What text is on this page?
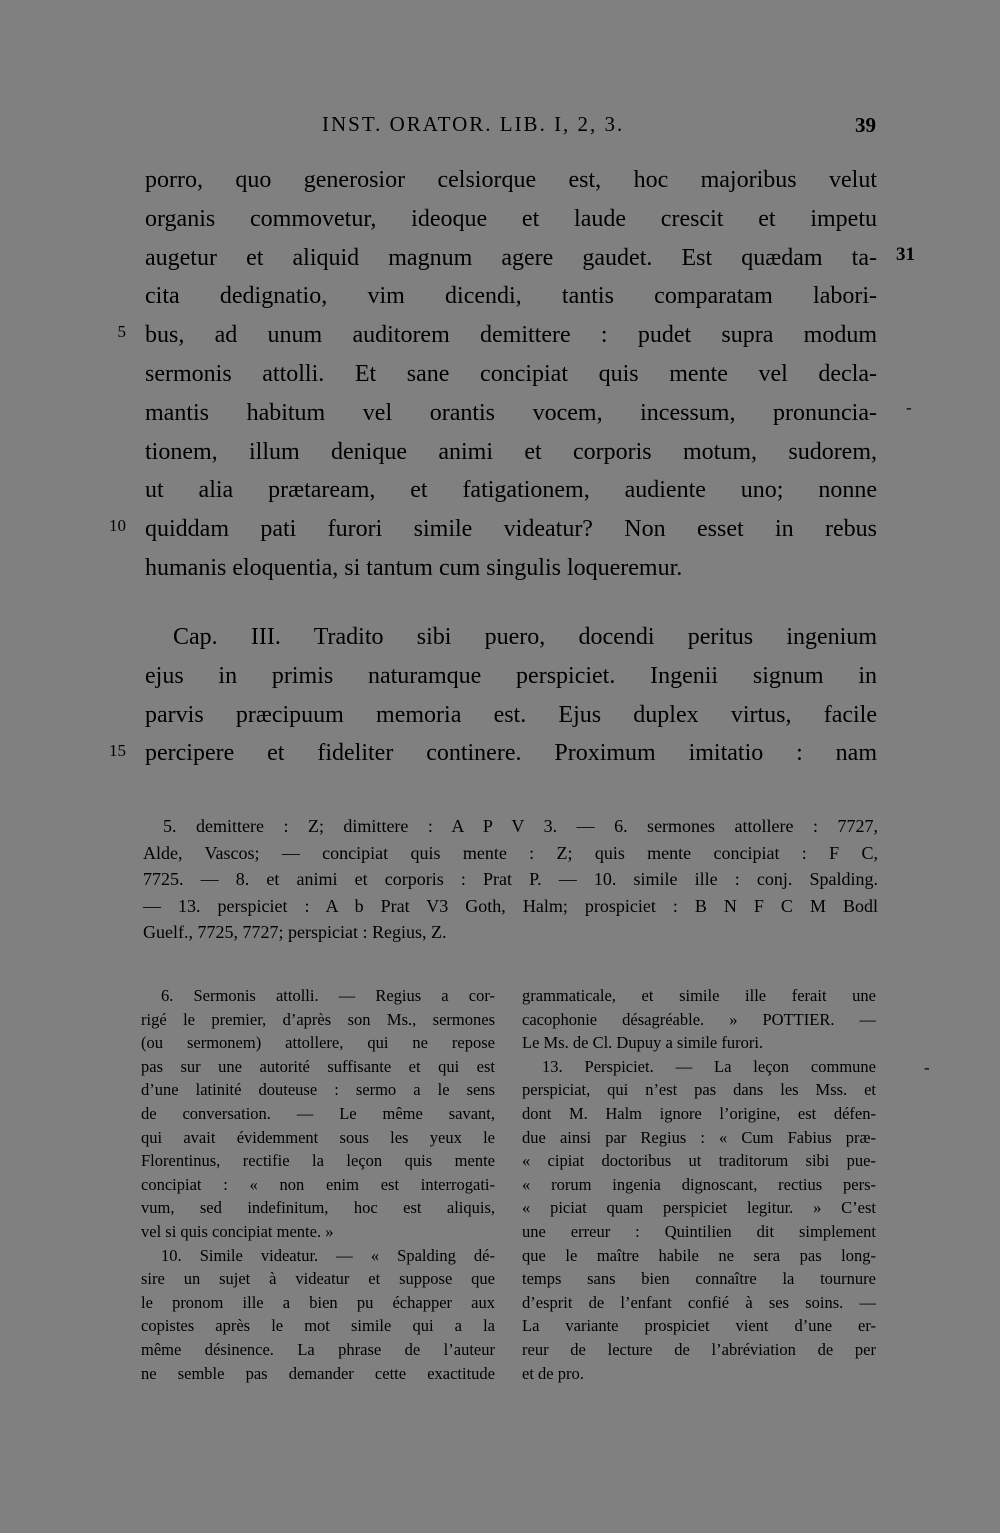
INST. ORATOR. LIB. I, 2, 3.	39
porro, quo generosior celsiorque est, hoc majoribus velut
organis commovetur, ideoque et laude crescit et impetu
augetur et aliquid magnum agere gaudet. Est quædam ta-
cita dedignatio, vim dicendi, tantis comparatam labori-
bus, ad unum auditorem demittere : pudet supra modum
sermonis attolli. Et sane concipiat quis mente vel decla-
mantis habitum vel orantis vocem, incessum, pronuncia-
tionem, illum denique animi et corporis motum, sudorem,
ut alia prætaream, et fatigationem, audiente uno; nonne
quiddam pati furori simile videatur? Non esset in rebus
humanis eloquentia, si tantum cum singulis loqueremur.
Cap. III. Tradito sibi puero, docendi peritus ingenium
ejus in primis naturamque perspiciet. Ingenii signum in
parvis præcipuum memoria est. Ejus duplex virtus, facile
percipere et fideliter continere. Proximum imitatio : nam
5
10
15
31
-
-
5. demittere : Z; dimittere : A P V 3. — 6. sermones attollere : 7727,
Alde, Vascos; — concipiat quis mente : Z; quis mente concipiat : F C,
7725. — 8. et animi et corporis : Prat P. — 10. simile ille : conj. Spalding.
— 13. perspiciet : A b Prat V3 Goth, Halm; prospiciet : B N F C M Bodl
Guelf., 7725, 7727; perspiciat : Regius, Z.
6. Sermonis attolli. — Regius a cor-
rigé le premier, d’après son Ms., sermones
(ou sermonem) attollere, qui ne repose
pas sur une autorité suffisante et qui est
d’une latinité douteuse : sermo a le sens
de conversation. — Le même savant,
qui avait évidemment sous les yeux le
Florentinus, rectifie la leçon quis mente
concipiat : « non enim est interrogati-
vum, sed indefinitum, hoc est aliquis,
vel si quis concipiat mente. »
10. Simile videatur. — « Spalding dé-
sire un sujet à videatur et suppose que
le pronom ille a bien pu échapper aux
copistes après le mot simile qui a la
même désinence. La phrase de l’auteur
ne semble pas demander cette exactitude
grammaticale, et simile ille ferait une
cacophonie désagréable. » POTTIER. —
Le Ms. de Cl. Dupuy a simile furori.
13. Perspiciet. — La leçon commune
perspiciat, qui n’est pas dans les Mss. et
dont M. Halm ignore l’origine, est défen-
due ainsi par Regius : « Cum Fabius præ-
« cipiat doctoribus ut traditorum sibi pue-
« rorum ingenia dignoscant, rectius pers-
« piciat quam perspiciet legitur. » C’est
une erreur : Quintilien dit simplement
que le maître habile ne sera pas long-
temps sans bien connaître la tournure
d’esprit de l’enfant confié à ses soins. —
La variante prospiciet vient d’une er-
reur de lecture de l’abréviation de per
et de pro.
